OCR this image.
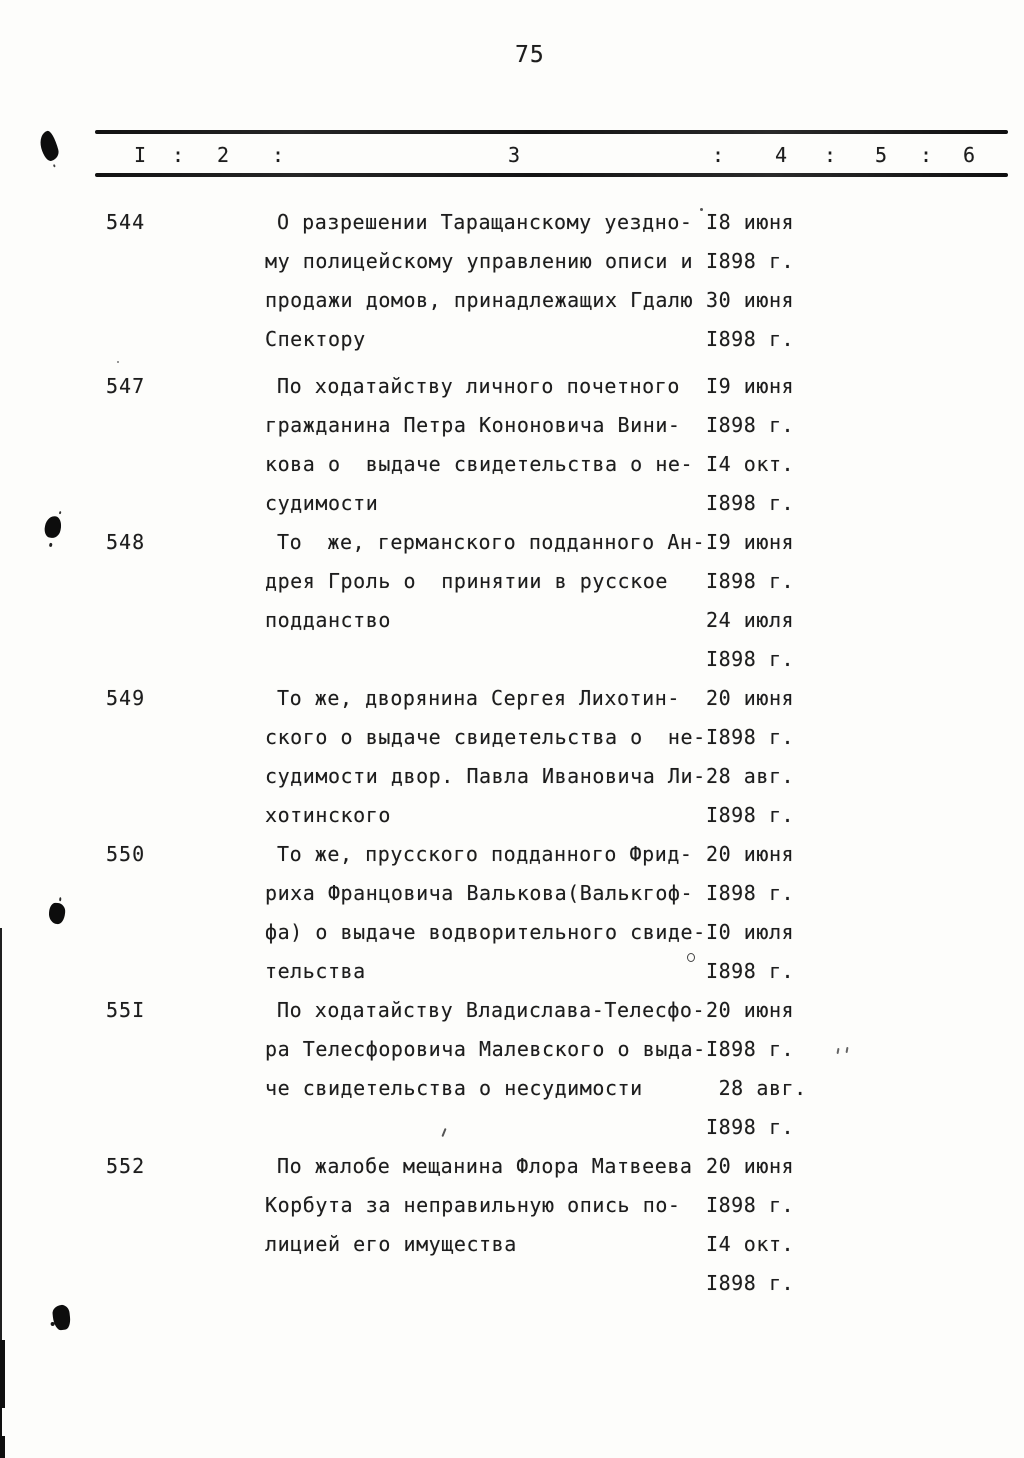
75
I : 2 :	3	:	4 : 5 : 6
544	О разрешении Таращанскому уездно- I8 июня
му полицейскому управлению описи и I898 г.
продажи домов, принадлежащих Гдалю 30 июня
Спектору	I898 г.
547	По ходатайству личного почетного I9 июня
гражданина Петра Кононовича Вини- I898 г.
кова о  выдаче свидетельства о не- I4 окт.
судимости	I898 г.
548	То  же, германского подданного Ан- I9 июня
дрея Гроль о  принятии в русское I898 г.
подданство	24 июля
I898 г.
549	То же, дворянина Сергея Лихотин- 20 июня
ского о выдаче свидетельства о  не- I898 г.
судимости двор. Павла Ивановича Ли- 28 авг.
хотинского	I898 г.
550	То же, прусского подданного Фрид- 20 июня
риха Францовича Валькова(Валькгоф- I898 г.
фа) о выдаче водворительного свиде- I0 июля
тельства	I898 г.
55I	По ходатайству Владислава-Телесфо- 20 июня
ра Телесфоровича Малевского о выда- I898 г.
че свидетельства о несудимости	28 авг.
I898 г.
552	По жалобе мещанина Флора Матвеева 20 июня
Корбута за неправильную опись по- I898 г.
лицией его имущества	I4 окт.
I898 г.
